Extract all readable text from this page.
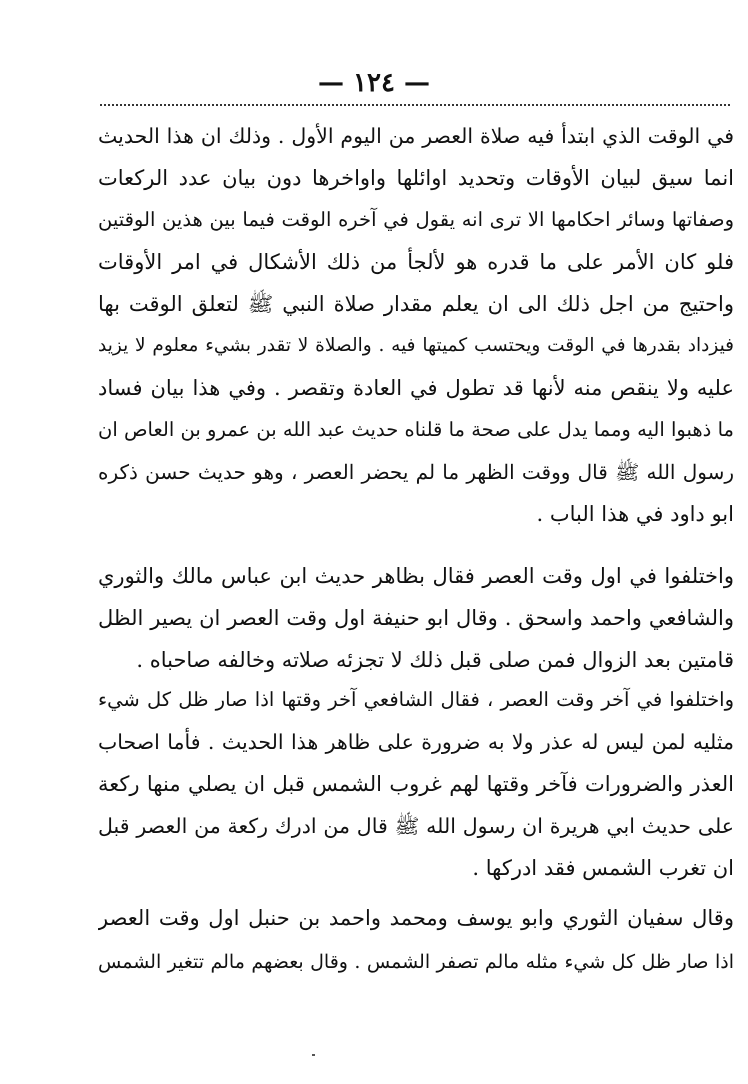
— ١٢٤ —
في الوقت الذي ابتدأ فيه صلاة العصر من اليوم الأول . وذلك ان هذا الحديث
انما سيق لبيان الأوقات وتحديد اوائلها واواخرها دون بيان عدد الركعات
وصفاتها وسائر احكامها الا ترى انه يقول في آخره الوقت فيما بين هذين الوقتين
فلو كان الأمر على ما قدره هو لألجأ من ذلك الأشكال في امر الأوقات
واحتيج من اجل ذلك الى ان يعلم مقدار صلاة النبي ﷺ لتعلق الوقت بها
فيزداد بقدرها في الوقت ويحتسب كميتها فيه . والصلاة لا تقدر بشيء معلوم لا يزيد
عليه ولا ينقص منه لأنها قد تطول في العادة وتقصر . وفي هذا بيان فساد
ما ذهبوا اليه ومما يدل على صحة ما قلناه حديث عبد الله بن عمرو بن العاص ان
رسول الله ﷺ قال ووقت الظهر ما لم يحضر العصر ، وهو حديث حسن ذكره
ابو داود في هذا الباب .
واختلفوا في اول وقت العصر فقال بظاهر حديث ابن عباس مالك والثوري
والشافعي واحمد واسحق . وقال ابو حنيفة اول وقت العصر ان يصير الظل
قامتين بعد الزوال فمن صلى قبل ذلك لا تجزئه صلاته وخالفه صاحباه .
واختلفوا في آخر وقت العصر ، فقال الشافعي آخر وقتها اذا صار ظل كل شيء
مثليه لمن ليس له عذر ولا به ضرورة على ظاهر هذا الحديث . فأما اصحاب
العذر والضرورات فآخر وقتها لهم غروب الشمس قبل ان يصلي منها ركعة
على حديث ابي هريرة ان رسول الله ﷺ قال من ادرك ركعة من العصر قبل
ان تغرب الشمس فقد ادركها .
وقال سفيان الثوري وابو يوسف ومحمد واحمد بن حنبل اول وقت العصر
اذا صار ظل كل شيء مثله مالم تصفر الشمس . وقال بعضهم مالم تتغير الشمس
